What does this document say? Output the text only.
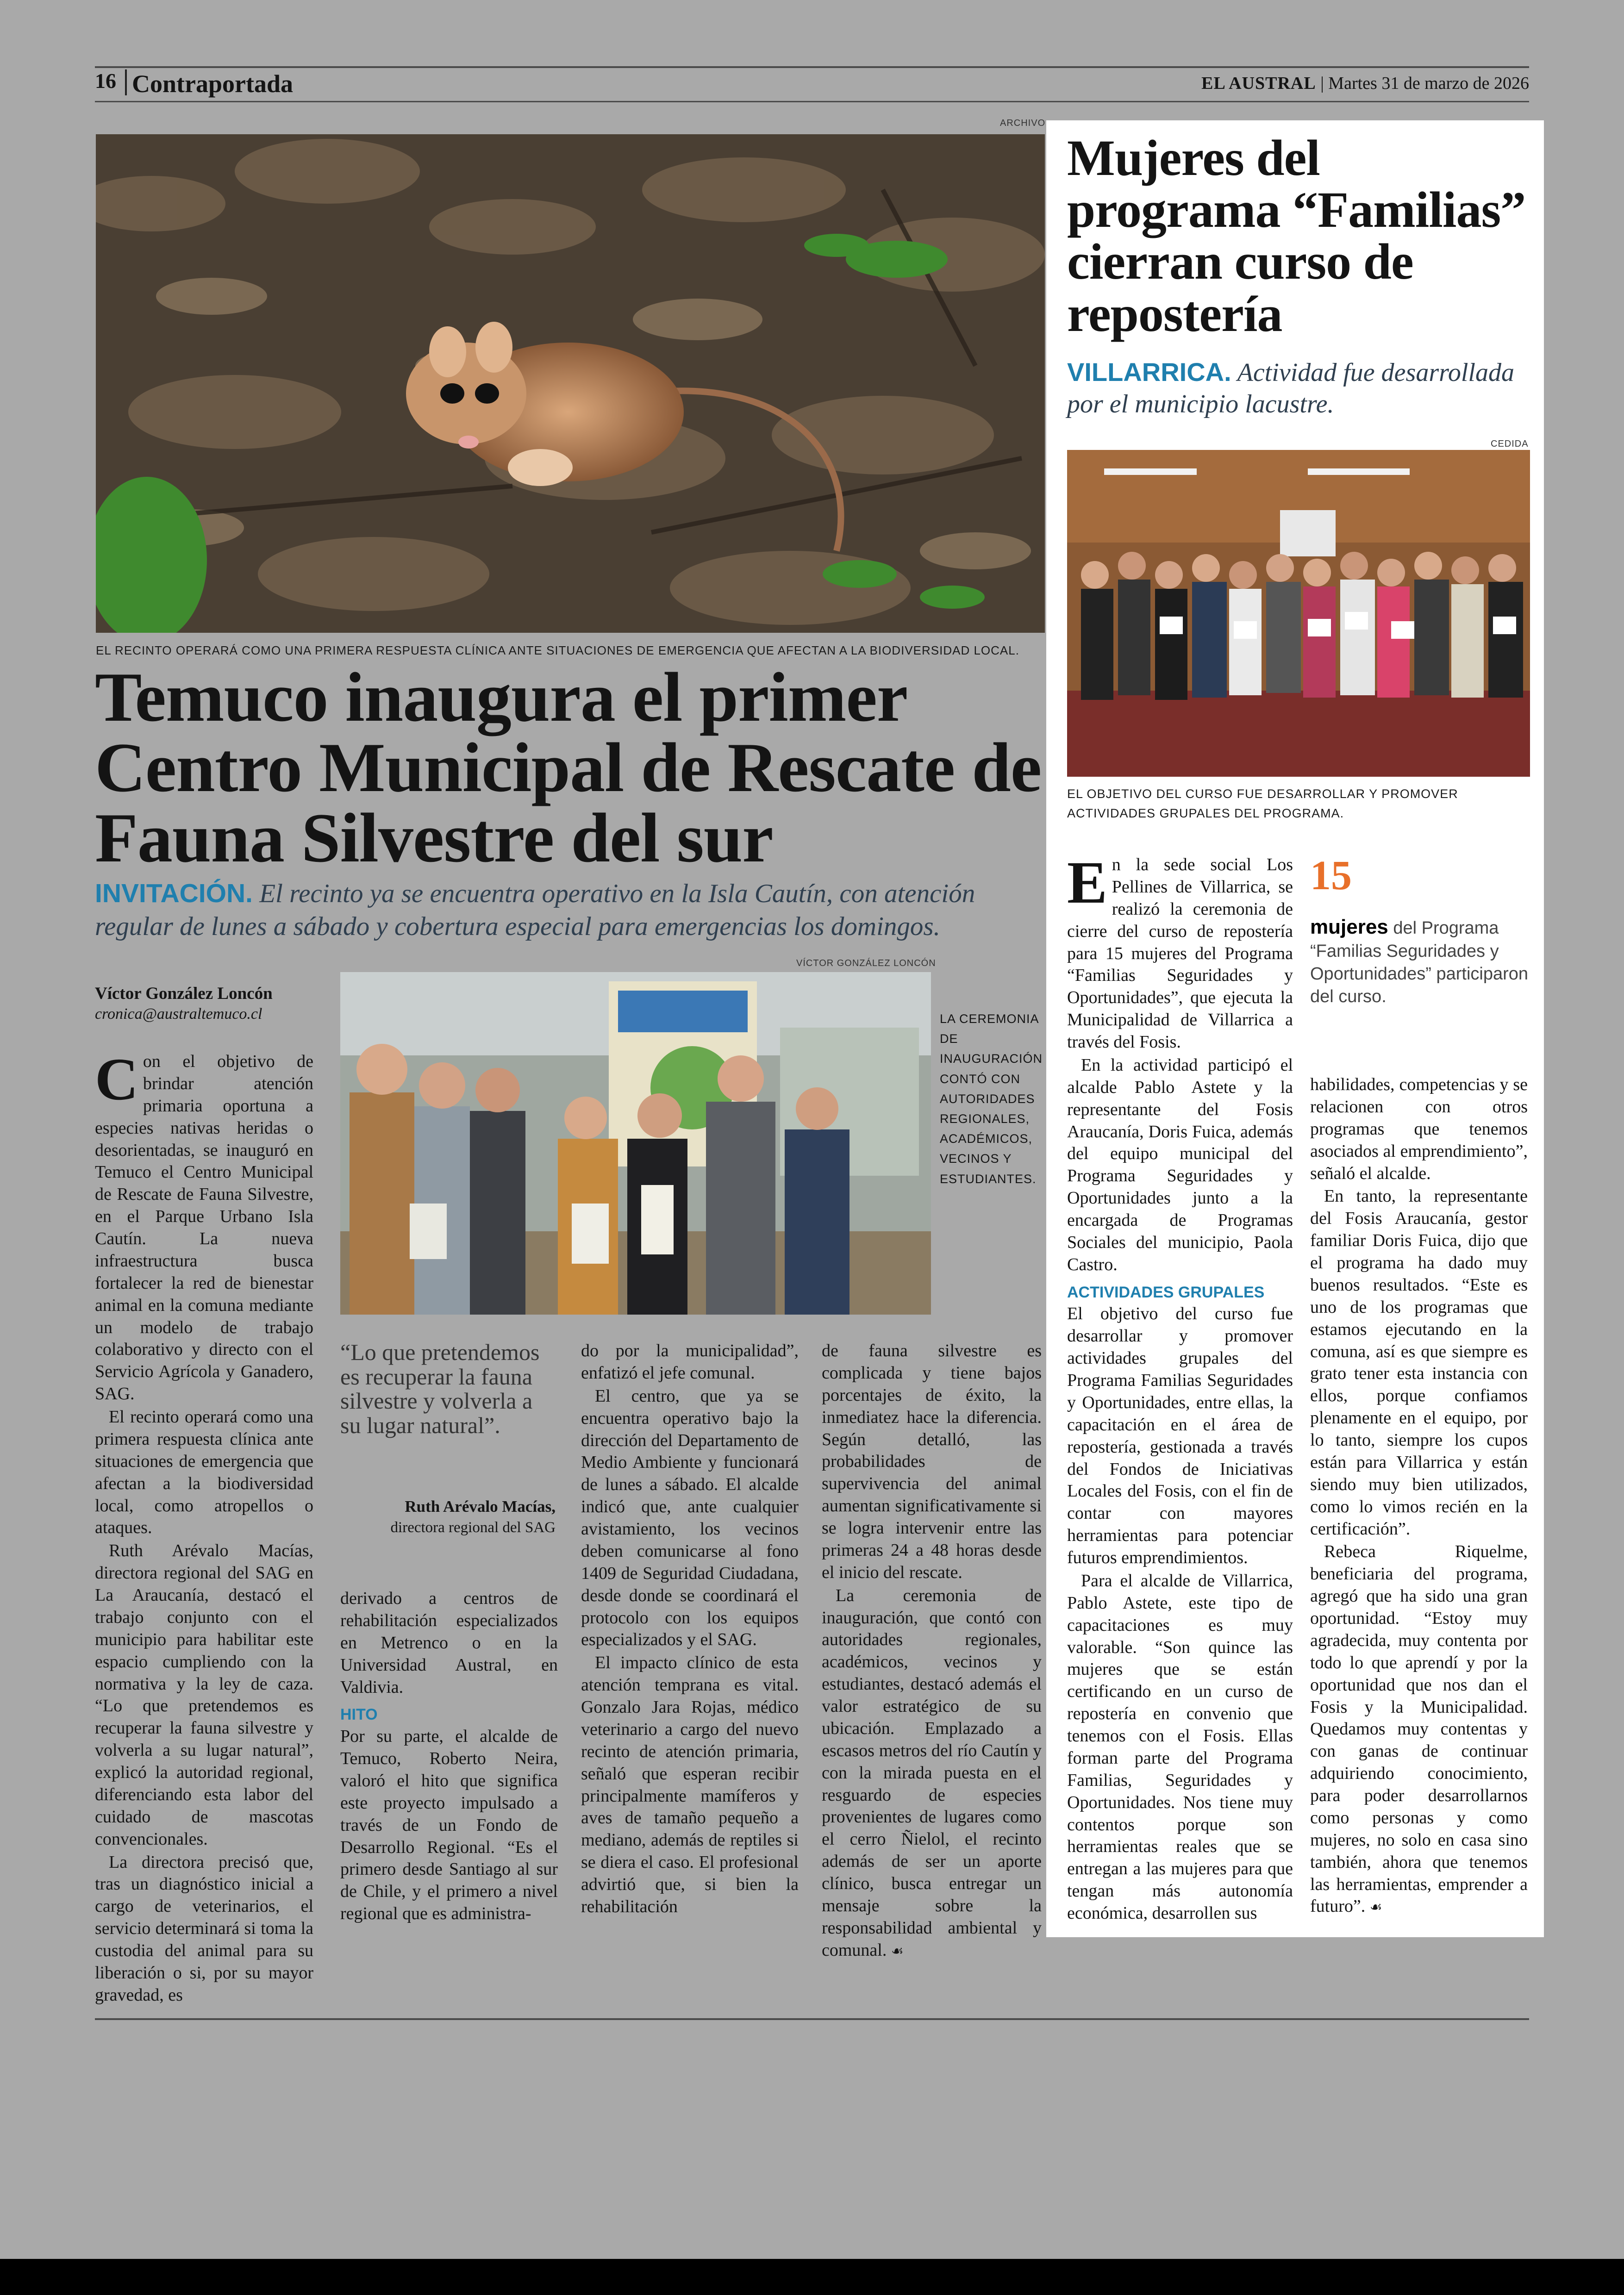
16 Contraportada	EL AUSTRAL | Martes 31 de marzo de 2026
ARCHIVO
EL RECINTO OPERARÁ COMO UNA PRIMERA RESPUESTA CLÍNICA ANTE SITUACIONES DE EMERGENCIA QUE AFECTAN A LA BIODIVERSIDAD LOCAL.
Temuco inaugura el primer Centro Municipal de Rescate de Fauna Silvestre del sur
INVITACIÓN. El recinto ya se encuentra operativo en la Isla Cautín, con atención regular de lunes a sábado y cobertura especial para emergencias los domingos.
Víctor González Loncón
cronica@australtemuco.cl

Con el objetivo de brindar atención primaria oportuna a especies nativas heridas o desorientadas, se inauguró en Temuco el Centro Municipal de Rescate de Fauna Silvestre, en el Parque Urbano Isla Cautín. La nueva infraestructura busca fortalecer la red de bienestar animal en la comuna mediante un modelo de trabajo colaborativo y directo con el Servicio Agrícola y Ganadero, SAG.

El recinto operará como una primera respuesta clínica ante situaciones de emergencia que afectan a la biodiversidad local, como atropellos o ataques.

Ruth Arévalo Macías, directora regional del SAG en La Araucanía, destacó el trabajo conjunto con el municipio para habilitar este espacio cumpliendo con la normativa y la ley de caza. “Lo que pretendemos es recuperar la fauna silvestre y volverla a su lugar natural”, explicó la autoridad regional, diferenciando esta labor del cuidado de mascotas convencionales.

La directora precisó que, tras un diagnóstico inicial a cargo de veterinarios, el servicio determinará si toma la custodia del animal para su liberación o si, por su mayor gravedad, es

VÍCTOR GONZÁLEZ LONCÓN
LA CEREMONIA DE INAUGURACIÓN CONTÓ CON AUTORIDADES REGIONALES, ACADÉMICOS, VECINOS Y ESTUDIANTES.
“Lo que pretendemos es recuperar la fauna silvestre y volverla a su lugar natural”.
Ruth Arévalo Macías,
directora regional del SAG

derivado a centros de rehabilitación especializados en Metrenco o en la Universidad Austral, en Valdivia.

HITO

Por su parte, el alcalde de Temuco, Roberto Neira, valoró el hito que significa este proyecto impulsado a través de un Fondo de Desarrollo Regional. “Es el primero desde Santiago al sur de Chile, y el primero a nivel regional que es administra-

do por la municipalidad”, enfatizó el jefe comunal.

El centro, que ya se encuentra operativo bajo la dirección del Departamento de Medio Ambiente y funcionará de lunes a sábado. El alcalde indicó que, ante cualquier avistamiento, los vecinos deben comunicarse al fono 1409 de Seguridad Ciudadana, desde donde se coordinará el protocolo con los equipos especializados y el SAG.

El impacto clínico de esta atención temprana es vital. Gonzalo Jara Rojas, médico veterinario a cargo del nuevo recinto de atención primaria, señaló que esperan recibir principalmente mamíferos y aves de tamaño pequeño a mediano, además de reptiles si se diera el caso. El profesional advirtió que, si bien la rehabilitación

de fauna silvestre es complicada y tiene bajos porcentajes de éxito, la inmediatez hace la diferencia. Según detalló, las probabilidades de supervivencia del animal aumentan significativamente si se logra intervenir entre las primeras 24 a 48 horas desde el inicio del rescate.

La ceremonia de inauguración, que contó con autoridades regionales, académicos, vecinos y estudiantes, destacó además el valor estratégico de su ubicación. Emplazado a escasos metros del río Cautín y con la mirada puesta en el resguardo de especies provenientes de lugares como el cerro Ñielol, el recinto además de ser un aporte clínico, busca entregar un mensaje sobre la responsabilidad ambiental y comunal. ☙

Mujeres del programa “Familias” cierran curso de repostería
VILLARRICA. Actividad fue desarrollada por el municipio lacustre.
CEDIDA
EL OBJETIVO DEL CURSO FUE DESARROLLAR Y PROMOVER ACTIVIDADES GRUPALES DEL PROGRAMA.
15
mujeres del Programa “Familias Seguridades y Oportunidades” participaron del curso.

En la sede social Los Pellines de Villarrica, se realizó la ceremonia de cierre del curso de repostería para 15 mujeres del Programa “Familias Seguridades y Oportunidades”, que ejecuta la Municipalidad de Villarrica a través del Fosis.

En la actividad participó el alcalde Pablo Astete y la representante del Fosis Araucanía, Doris Fuica, además del equipo municipal del Programa Seguridades y Oportunidades junto a la encargada de Programas Sociales del municipio, Paola Castro.

ACTIVIDADES GRUPALES

El objetivo del curso fue desarrollar y promover actividades grupales del Programa Familias Seguridades y Oportunidades, entre ellas, la capacitación en el área de repostería, gestionada a través del Fondos de Iniciativas Locales del Fosis, con el fin de contar con mayores herramientas para potenciar futuros emprendimientos.

Para el alcalde de Villarrica, Pablo Astete, este tipo de capacitaciones es muy valorable. “Son quince las mujeres que se están certificando en un curso de repostería en convenio que tenemos con el Fosis. Ellas forman parte del Programa Familias, Seguridades y Oportunidades. Nos tiene muy contentos porque son herramientas reales que se entregan a las mujeres para que tengan más autonomía económica, desarrollen sus

habilidades, competencias y se relacionen con otros programas que tenemos asociados al emprendimiento”, señaló el alcalde.

En tanto, la representante del Fosis Araucanía, gestor familiar Doris Fuica, dijo que el programa ha dado muy buenos resultados. “Este es uno de los programas que estamos ejecutando en la comuna, así es que siempre es grato tener esta instancia con ellos, porque confiamos plenamente en el equipo, por lo tanto, siempre los cupos están para Villarrica y están siendo muy bien utilizados, como lo vimos recién en la certificación”.

Rebeca Riquelme, beneficiaria del programa, agregó que ha sido una gran oportunidad. “Estoy muy agradecida, muy contenta por todo lo que aprendí y por la oportunidad que nos dan el Fosis y la Municipalidad. Quedamos muy contentas y con ganas de continuar adquiriendo conocimiento, para poder desarrollarnos como personas y como mujeres, no solo en casa sino también, ahora que tenemos las herramientas, emprender a futuro”. ☙
